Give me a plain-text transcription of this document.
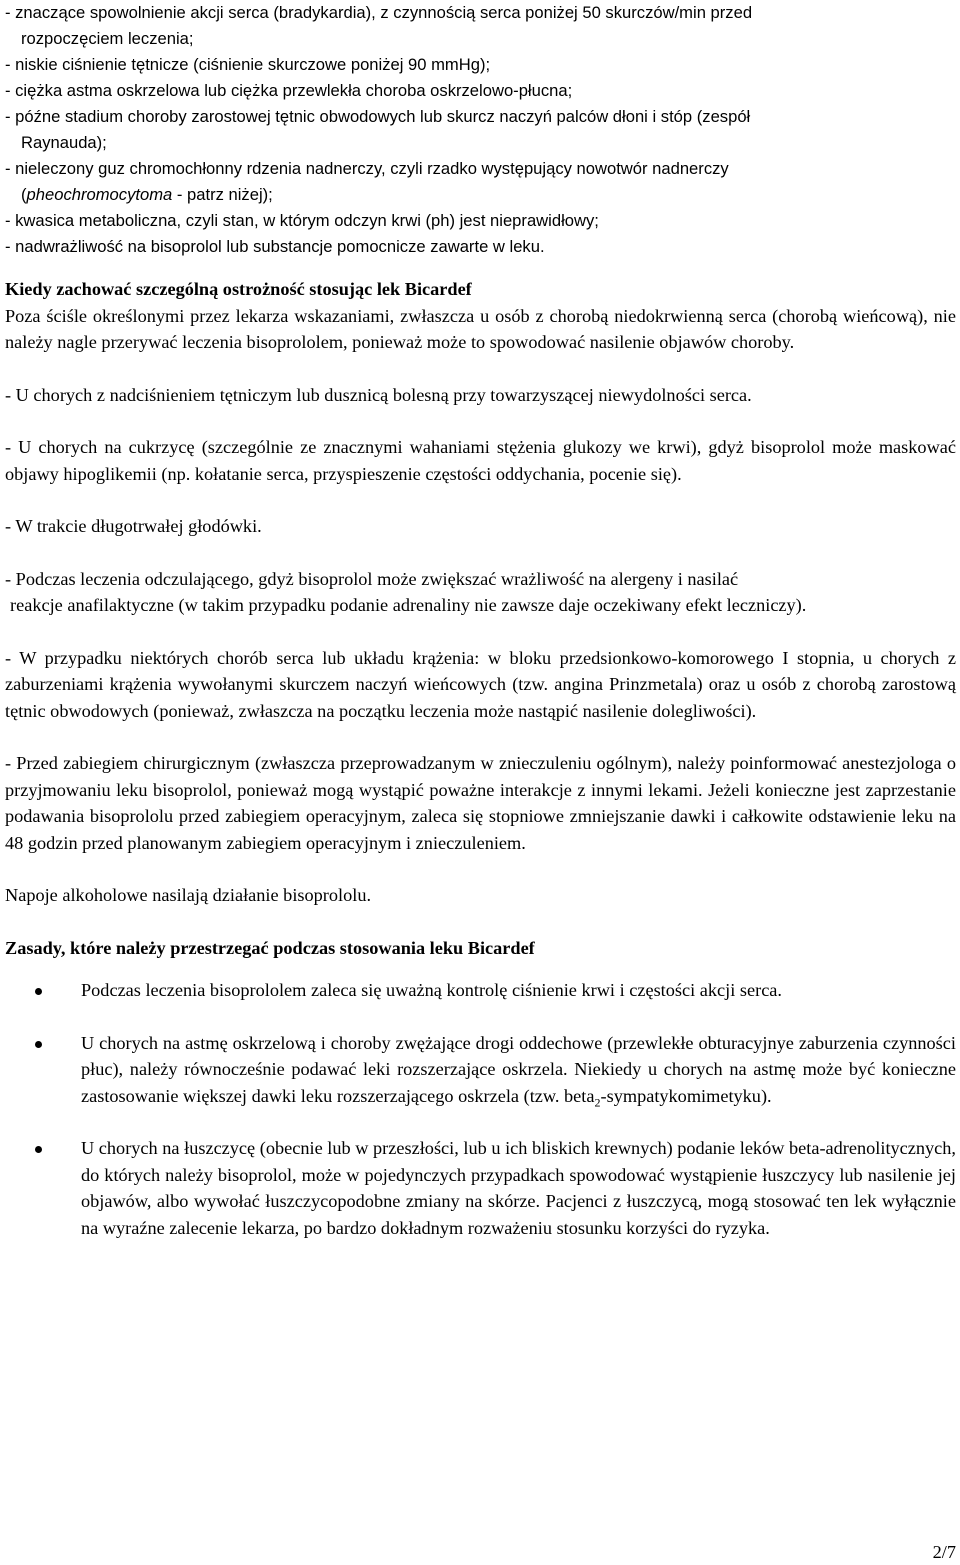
- znaczące spowolnienie akcji serca (bradykardia), z czynnością serca poniżej 50 skurczów/min przed

rozpoczęciem leczenia;

- niskie ciśnienie tętnicze (ciśnienie skurczowe poniżej 90 mmHg);

- ciężka astma oskrzelowa lub ciężka przewlekła choroba oskrzelowo-płucna;

- późne stadium choroby zarostowej tętnic obwodowych lub skurcz naczyń palców dłoni i stóp (zespół

Raynauda);

- nieleczony guz chromochłonny rdzenia nadnerczy, czyli rzadko występujący nowotwór nadnerczy

(pheochromocytoma - patrz niżej);

- kwasica metaboliczna, czyli stan, w którym odczyn krwi (ph) jest nieprawidłowy;

- nadwrażliwość na bisoprolol lub substancje pomocnicze zawarte w leku.

Kiedy zachować szczególną ostrożność stosując lek Bicardef

Poza ściśle określonymi przez lekarza wskazaniami, zwłaszcza u osób z chorobą niedokrwienną serca (chorobą wieńcową), nie należy nagle przerywać leczenia bisoprololem, ponieważ może to spowodować nasilenie objawów choroby.

- U chorych z nadciśnieniem tętniczym lub dusznicą bolesną przy towarzyszącej niewydolności serca.

- U chorych na cukrzycę (szczególnie ze znacznymi wahaniami stężenia glukozy we krwi), gdyż bisoprolol może maskować objawy hipoglikemii (np. kołatanie serca, przyspieszenie częstości oddychania, pocenie się).

- W trakcie długotrwałej głodówki.

- Podczas leczenia odczulającego, gdyż bisoprolol może zwiększać wrażliwość na alergeny i nasilać

reakcje anafilaktyczne (w takim przypadku podanie adrenaliny nie zawsze daje oczekiwany efekt leczniczy).

- W przypadku niektórych chorób serca lub układu krążenia: w bloku przedsionkowo-komorowego I stopnia, u chorych z zaburzeniami krążenia wywołanymi skurczem naczyń wieńcowych (tzw. angina Prinzmetala) oraz u osób z chorobą zarostową tętnic obwodowych (ponieważ, zwłaszcza na początku leczenia może nastąpić nasilenie dolegliwości).

- Przed zabiegiem chirurgicznym (zwłaszcza przeprowadzanym w znieczuleniu ogólnym), należy poinformować anestezjologa o przyjmowaniu leku bisoprolol, ponieważ mogą wystąpić poważne interakcje z innymi lekami. Jeżeli konieczne jest zaprzestanie podawania bisoprololu przed zabiegiem operacyjnym, zaleca się stopniowe zmniejszanie dawki i całkowite odstawienie leku na 48 godzin przed planowanym zabiegiem operacyjnym i znieczuleniem.

Napoje alkoholowe nasilają działanie bisoprololu.

Zasady, które należy przestrzegać podczas stosowania leku Bicardef

Podczas leczenia bisoprololem zaleca się uważną kontrolę ciśnienie krwi i częstości akcji serca.
U chorych na astmę oskrzelową i choroby zwężające drogi oddechowe (przewlekłe obturacyjnye zaburzenia czynności płuc), należy równocześnie podawać leki rozszerzające oskrzela. Niekiedy u chorych na astmę może być konieczne zastosowanie większej dawki leku rozszerzającego oskrzela (tzw. beta$_2$-sympatykomimetyku).
U chorych na łuszczycę (obecnie lub w przeszłości, lub u ich bliskich krewnych) podanie leków beta-adrenolitycznych, do których należy bisoprolol, może w pojedynczych przypadkach spowodować wystąpienie łuszczycy lub nasilenie jej objawów, albo wywołać łuszczycopodobne zmiany na skórze. Pacjenci z łuszczycą, mogą stosować ten lek wyłącznie na wyraźne zalecenie lekarza, po bardzo dokładnym rozważeniu stosunku korzyści do ryzyka.
2/7
